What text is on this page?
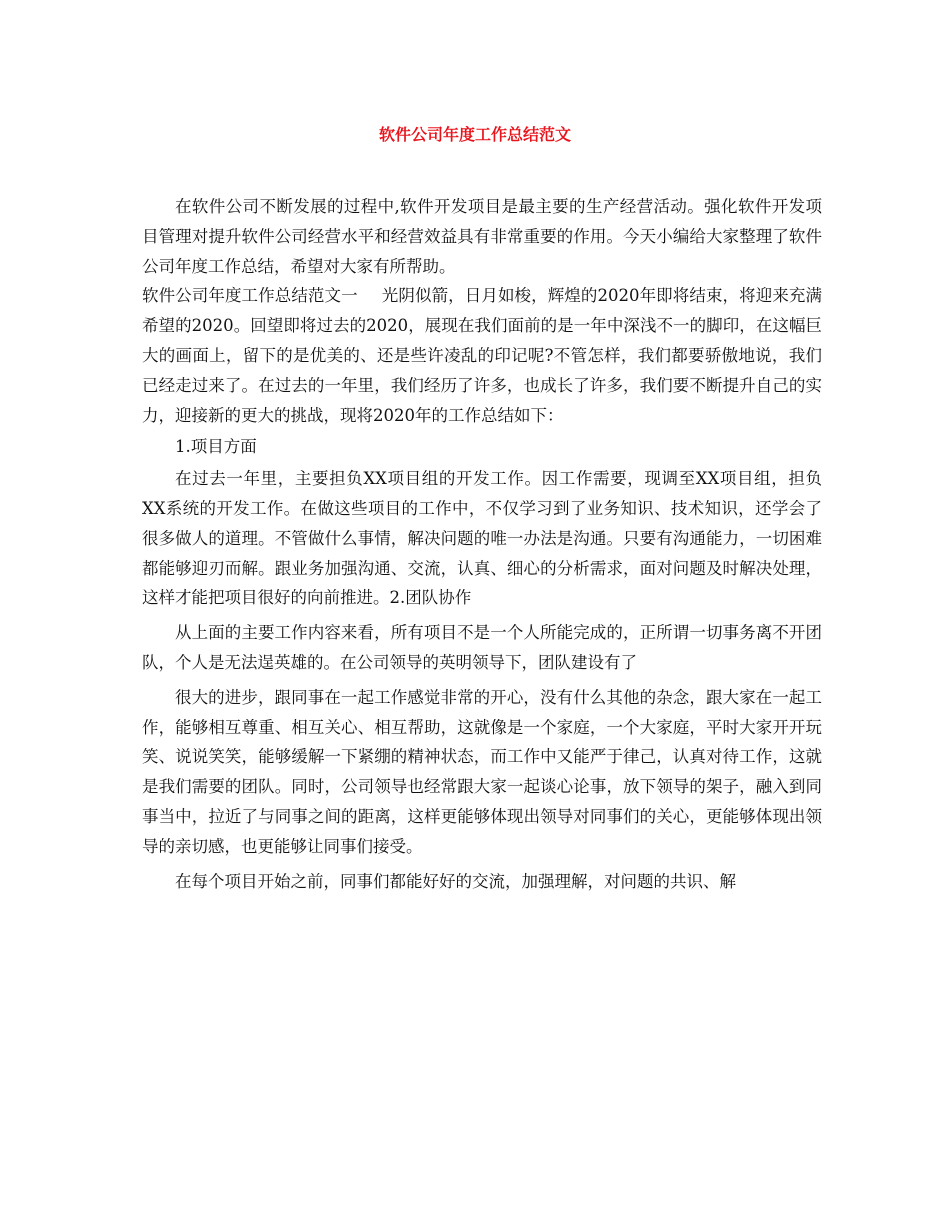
软件公司年度工作总结范文

在软件公司不断发展的过程中,软件开发项目是最主要的生产经营活动。强化软件开发项目管理对提升软件公司经营水平和经营效益具有非常重要的作用。今天小编给大家整理了软件公司年度工作总结，希望对大家有所帮助。

软件公司年度工作总结范文一 光阴似箭，日月如梭，辉煌的2020年即将结束，将迎来充满希望的2020。回望即将过去的2020，展现在我们面前的是一年中深浅不一的脚印，在这幅巨大的画面上，留下的是优美的、还是些许凌乱的印记呢?不管怎样，我们都要骄傲地说，我们已经走过来了。在过去的一年里，我们经历了许多，也成长了许多，我们要不断提升自己的实力，迎接新的更大的挑战，现将2020年的工作总结如下：

1.项目方面

在过去一年里，主要担负XX项目组的开发工作。因工作需要，现调至XX项目组，担负XX系统的开发工作。在做这些项目的工作中，不仅学习到了业务知识、技术知识，还学会了很多做人的道理。不管做什么事情，解决问题的唯一办法是沟通。只要有沟通能力，一切困难都能够迎刃而解。跟业务加强沟通、交流，认真、细心的分析需求，面对问题及时解决处理，这样才能把项目很好的向前推进。2.团队协作

从上面的主要工作内容来看，所有项目不是一个人所能完成的，正所谓一切事务离不开团队，个人是无法逞英雄的。在公司领导的英明领导下，团队建设有了

很大的进步，跟同事在一起工作感觉非常的开心，没有什么其他的杂念，跟大家在一起工作，能够相互尊重、相互关心、相互帮助，这就像是一个家庭，一个大家庭，平时大家开开玩笑、说说笑笑，能够缓解一下紧绷的精神状态，而工作中又能严于律己，认真对待工作，这就是我们需要的团队。同时，公司领导也经常跟大家一起谈心论事，放下领导的架子，融入到同事当中，拉近了与同事之间的距离，这样更能够体现出领导对同事们的关心，更能够体现出领导的亲切感，也更能够让同事们接受。

在每个项目开始之前，同事们都能好好的交流，加强理解，对问题的共识、解
